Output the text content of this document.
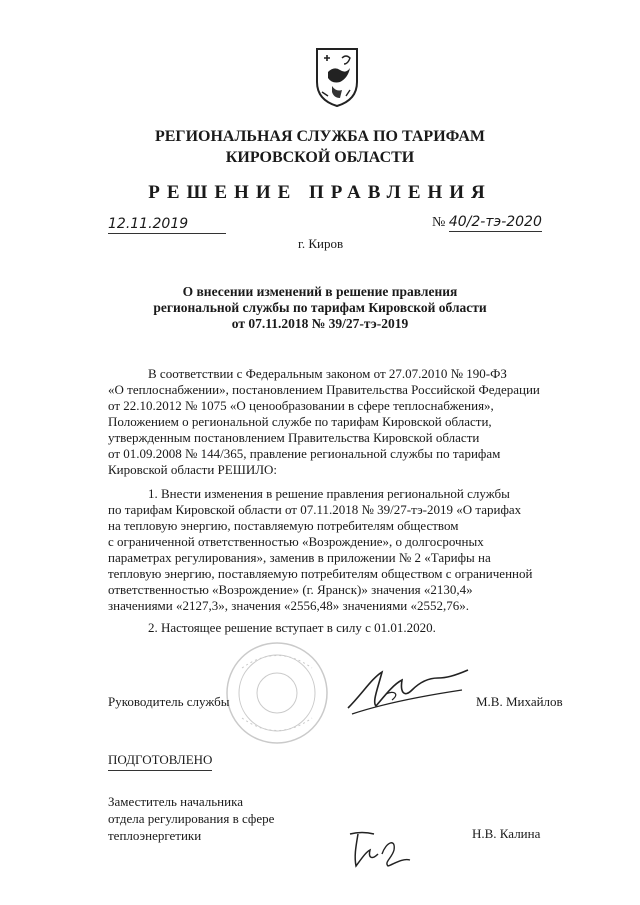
РЕГИОНАЛЬНАЯ СЛУЖБА ПО ТАРИФАМ
КИРОВСКОЙ ОБЛАСТИ
РЕШЕНИЕ ПРАВЛЕНИЯ
12.11.2019	№ 40/2-тэ-2020
г. Киров
О внесении изменений в решение правления
региональной службы по тарифам Кировской области
от 07.11.2018 № 39/27-тэ-2019
В соответствии с Федеральным законом от 27.07.2010 № 190-ФЗ
«О теплоснабжении», постановлением Правительства Российской Федерации
от 22.10.2012 № 1075 «О ценообразовании в сфере теплоснабжения»,
Положением о региональной службе по тарифам Кировской области,
утвержденным постановлением Правительства Кировской области
от 01.09.2008 № 144/365, правление региональной службы по тарифам
Кировской области РЕШИЛО:
1. Внести изменения в решение правления региональной службы
по тарифам Кировской области от 07.11.2018 № 39/27-тэ-2019 «О тарифах
на тепловую энергию, поставляемую потребителям обществом
с ограниченной ответственностью «Возрождение», о долгосрочных
параметрах регулирования», заменив в приложении № 2 «Тарифы на
тепловую энергию, поставляемую потребителям обществом с ограниченной
ответственностью «Возрождение» (г. Яранск)» значения «2130,4»
значениями «2127,3», значения «2556,48» значениями «2552,76».
2. Настоящее решение вступает в силу с 01.01.2020.
Руководитель службы	М.В. Михайлов
ПОДГОТОВЛЕНО
Заместитель начальника
отдела регулирования в сфере
теплоэнергетики	Н.В. Калина
